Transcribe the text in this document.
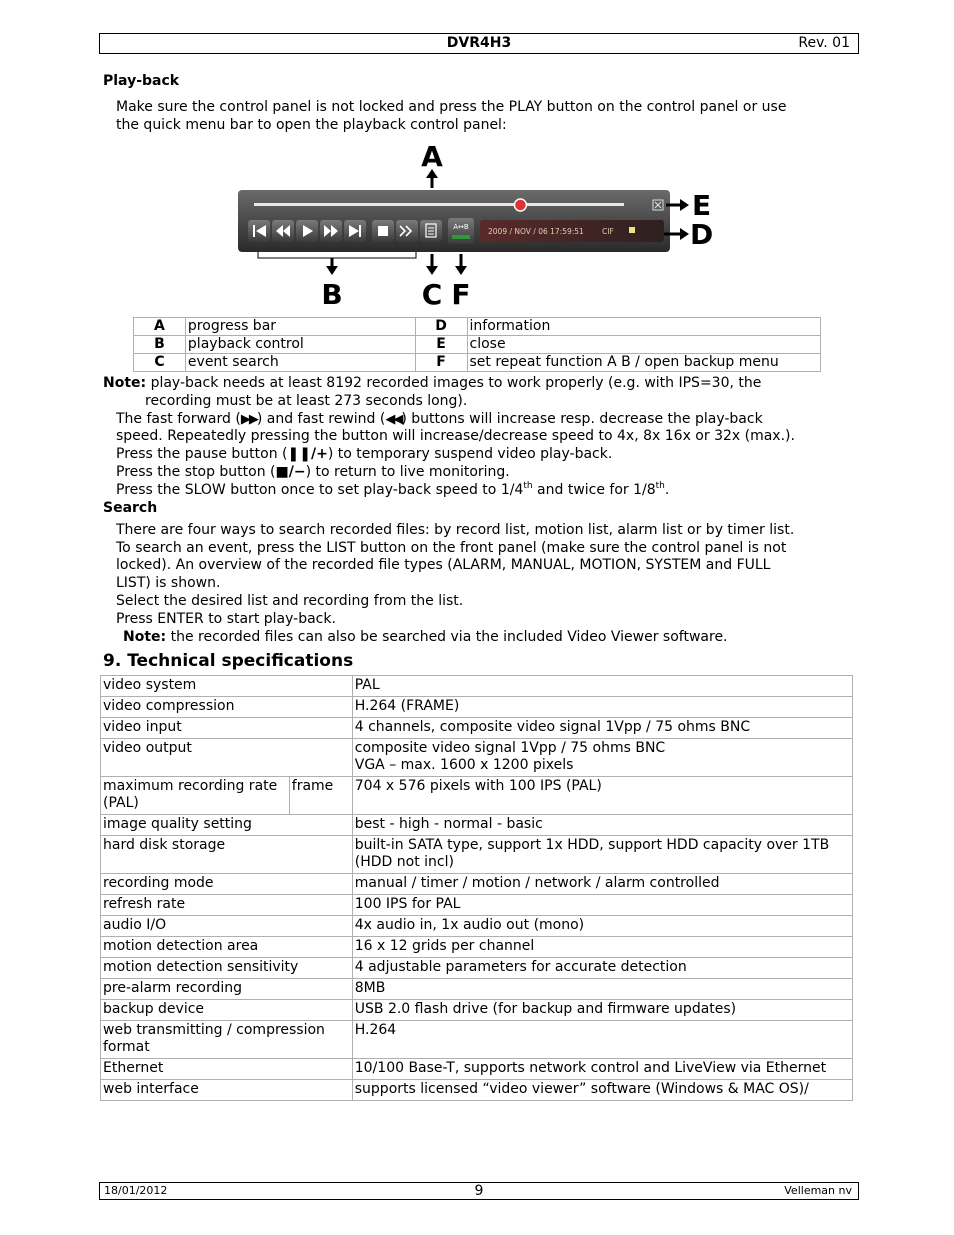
DVR4H3	Rev. 01
Play-back
Make sure the control panel is not locked and press the PLAY button on the control panel or use
the quick menu bar to open the playback control panel:
A↔B	2009 / NOV / 06 17:59:51 CIF
A
E
D
B	C F
A	progress bar	D	information
B	playback control	E	close
C	event search	F	set repeat function A B / open backup menu
Note: play-back needs at least 8192 recorded images to work properly (e.g. with IPS=30, the
recording must be at least 273 seconds long).
The fast forward (▶▶) and fast rewind (◀◀) buttons will increase resp. decrease the play-back
speed. Repeatedly pressing the button will increase/decrease speed to 4x, 8x 16x or 32x (max.).
Press the pause button (❚❚/+) to temporary suspend video play-back.
Press the stop button (■/−) to return to live monitoring.
Press the SLOW button once to set play-back speed to 1/4th and twice for 1/8th.
Search
There are four ways to search recorded files: by record list, motion list, alarm list or by timer list.
To search an event, press the LIST button on the front panel (make sure the control panel is not
locked). An overview of the recorded file types (ALARM, MANUAL, MOTION, SYSTEM and FULL
LIST) is shown.
Select the desired list and recording from the list.
Press ENTER to start play-back.
Note: the recorded files can also be searched via the included Video Viewer software.
9. Technical specifications
video system		PAL
video compression		H.264 (FRAME)
video input		4 channels, composite video signal 1Vpp / 75 ohms BNC
video output		composite video signal 1Vpp / 75 ohms BNC
VGA – max. 1600 x 1200 pixels
maximum recording rate (PAL)	frame	704 x 576 pixels with 100 IPS (PAL)
image quality setting		best - high - normal - basic
hard disk storage		built-in SATA type, support 1x HDD, support HDD capacity over 1TB (HDD not incl)
recording mode		manual / timer / motion / network / alarm controlled
refresh rate		100 IPS for PAL
audio I/O		4x audio in, 1x audio out (mono)
motion detection area		16 x 12 grids per channel
motion detection sensitivity		4 adjustable parameters for accurate detection
pre-alarm recording		8MB
backup device		USB 2.0 flash drive (for backup and firmware updates)
web transmitting / compression format		H.264
Ethernet		10/100 Base-T, supports network control and LiveView via Ethernet
web interface		supports licensed “video viewer” software (Windows & MAC OS)/
18/01/2012	9	Velleman nv
